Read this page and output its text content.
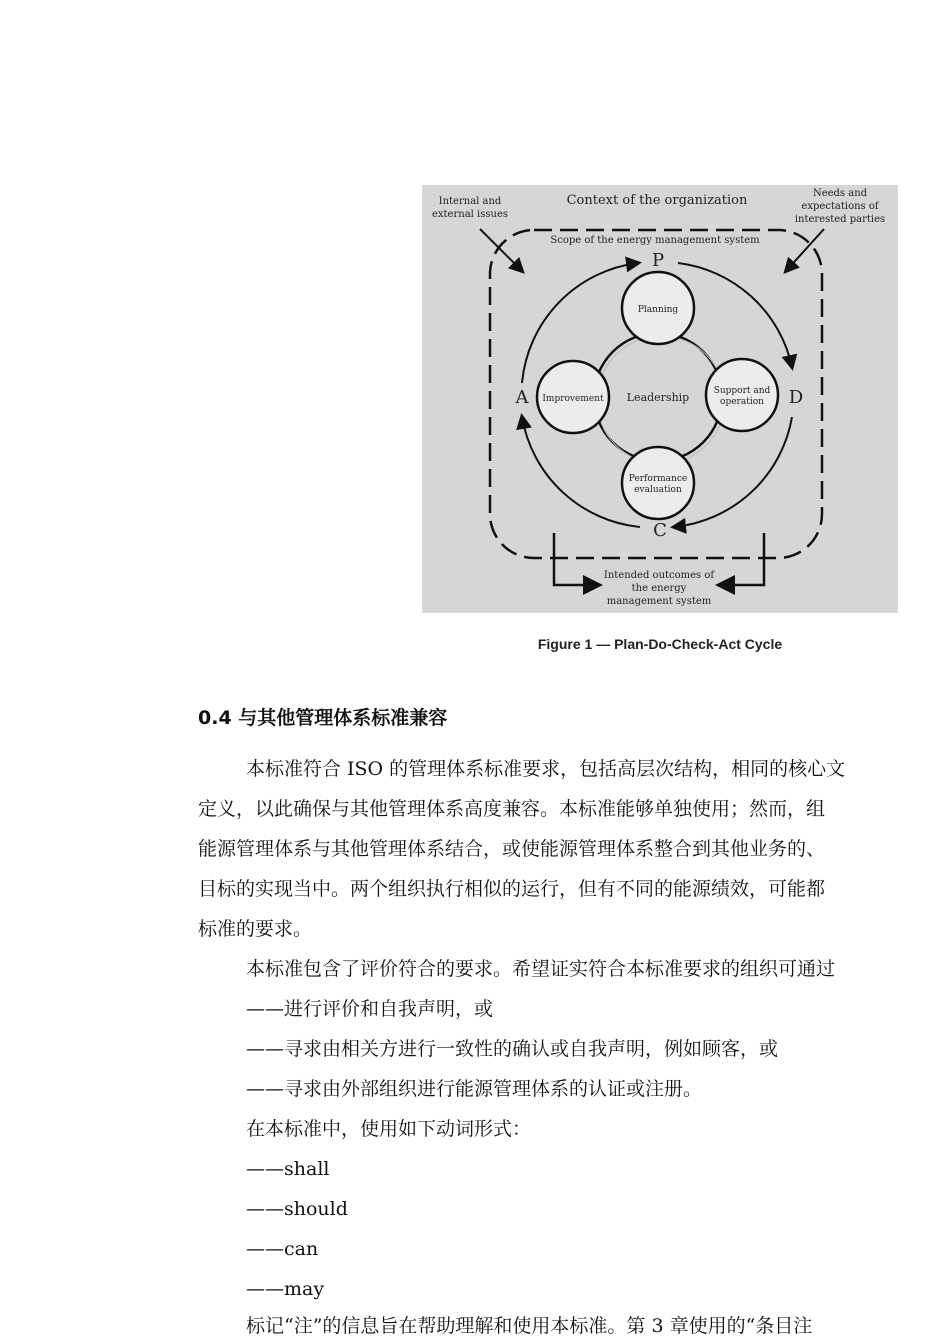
Context of the organization
Internal and
external issues
Needs and
expectations of
interested parties
Scope of the energy management system
P
D
C
A	Leadership
Planning
Support and
operation
Performance
evaluation
Improvement
Intended outcomes of
the energy
management system
Figure 1 — Plan-Do-Check-Act Cycle
0.4 与其他管理体系标准兼容
本标准符合 ISO 的管理体系标准要求，包括高层次结构，相同的核心文
定义，以此确保与其他管理体系高度兼容。本标准能够单独使用；然而，组
能源管理体系与其他管理体系结合，或使能源管理体系整合到其他业务的、
目标的实现当中。两个组织执行相似的运行，但有不同的能源绩效，可能都
标准的要求。
本标准包含了评价符合的要求。希望证实符合本标准要求的组织可通过
——进行评价和自我声明，或
——寻求由相关方进行一致性的确认或自我声明，例如顾客，或
——寻求由外部组织进行能源管理体系的认证或注册。
在本标准中，使用如下动词形式：
——shall
——should
——can
——may
标记“注”的信息旨在帮助理解和使用本标准。第 3 章使用的“条目注
